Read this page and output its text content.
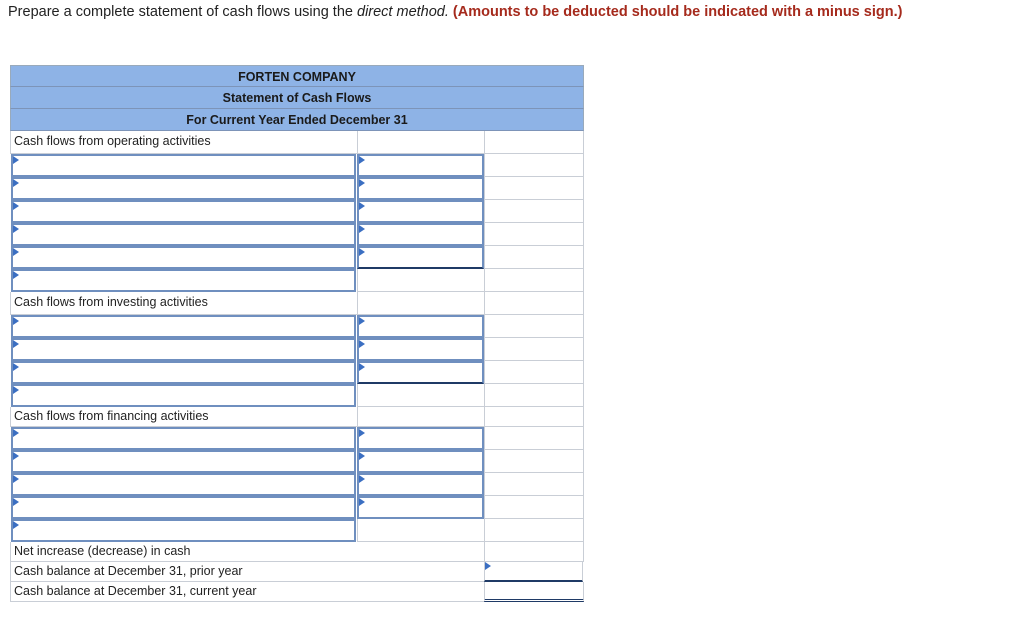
Prepare a complete statement of cash flows using the direct method. (Amounts to be deducted should be indicated with a minus sign.)
FORTEN COMPANY
Statement of Cash Flows
For Current Year Ended December 31
Cash flows from operating activities
Cash flows from investing activities
Cash flows from financing activities
Net increase (decrease) in cash
Cash balance at December 31, prior year
Cash balance at December 31, current year
